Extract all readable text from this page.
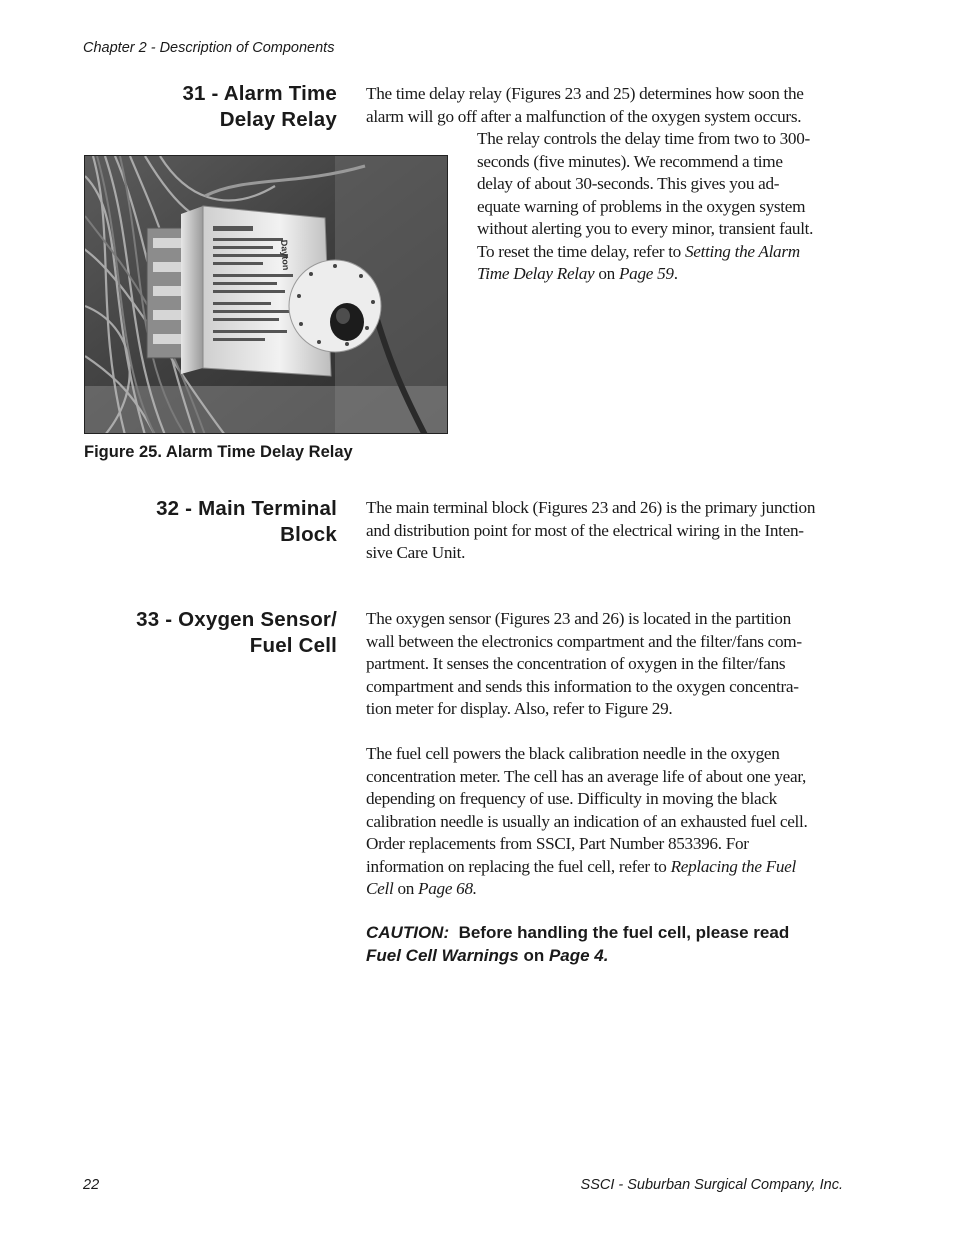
Chapter 2 - Description of Components
31 - Alarm Time
Delay Relay
The time delay relay (Figures 23 and 25) determines how soon the
alarm will go off after a malfunction of the oxygen system occurs.
The relay controls the delay time from two to 300-
seconds (five minutes). We recommend a time
delay of about 30-seconds. This gives you ad-
equate warning of problems in the oxygen system
without alerting you to every minor, transient fault.
To reset the time delay, refer to Setting the Alarm
Time Delay Relay on Page 59.
Dayton
Figure 25. Alarm Time Delay Relay
32 - Main Terminal
Block
The main terminal block (Figures 23 and 26) is the primary junction
and distribution point for most of the electrical wiring in the Inten-
sive Care Unit.
33 - Oxygen Sensor/
Fuel Cell
The oxygen sensor (Figures 23 and 26) is located in the partition
wall between the electronics compartment and the filter/fans com-
partment. It senses the concentration of oxygen in the filter/fans
compartment and sends this information to the oxygen concentra-
tion meter for display. Also, refer to Figure 29.
The fuel cell powers the black calibration needle in the oxygen
concentration meter. The cell has an average life of about one year,
depending on frequency of use. Difficulty in moving the black
calibration needle is usually an indication of an exhausted fuel cell.
Order replacements from SSCI, Part Number 853396. For
information on replacing the fuel cell, refer to Replacing the Fuel
Cell on Page 68.
CAUTION: Before handling the fuel cell, please read
Fuel Cell Warnings on Page 4.
22	SSCI - Suburban Surgical Company, Inc.
